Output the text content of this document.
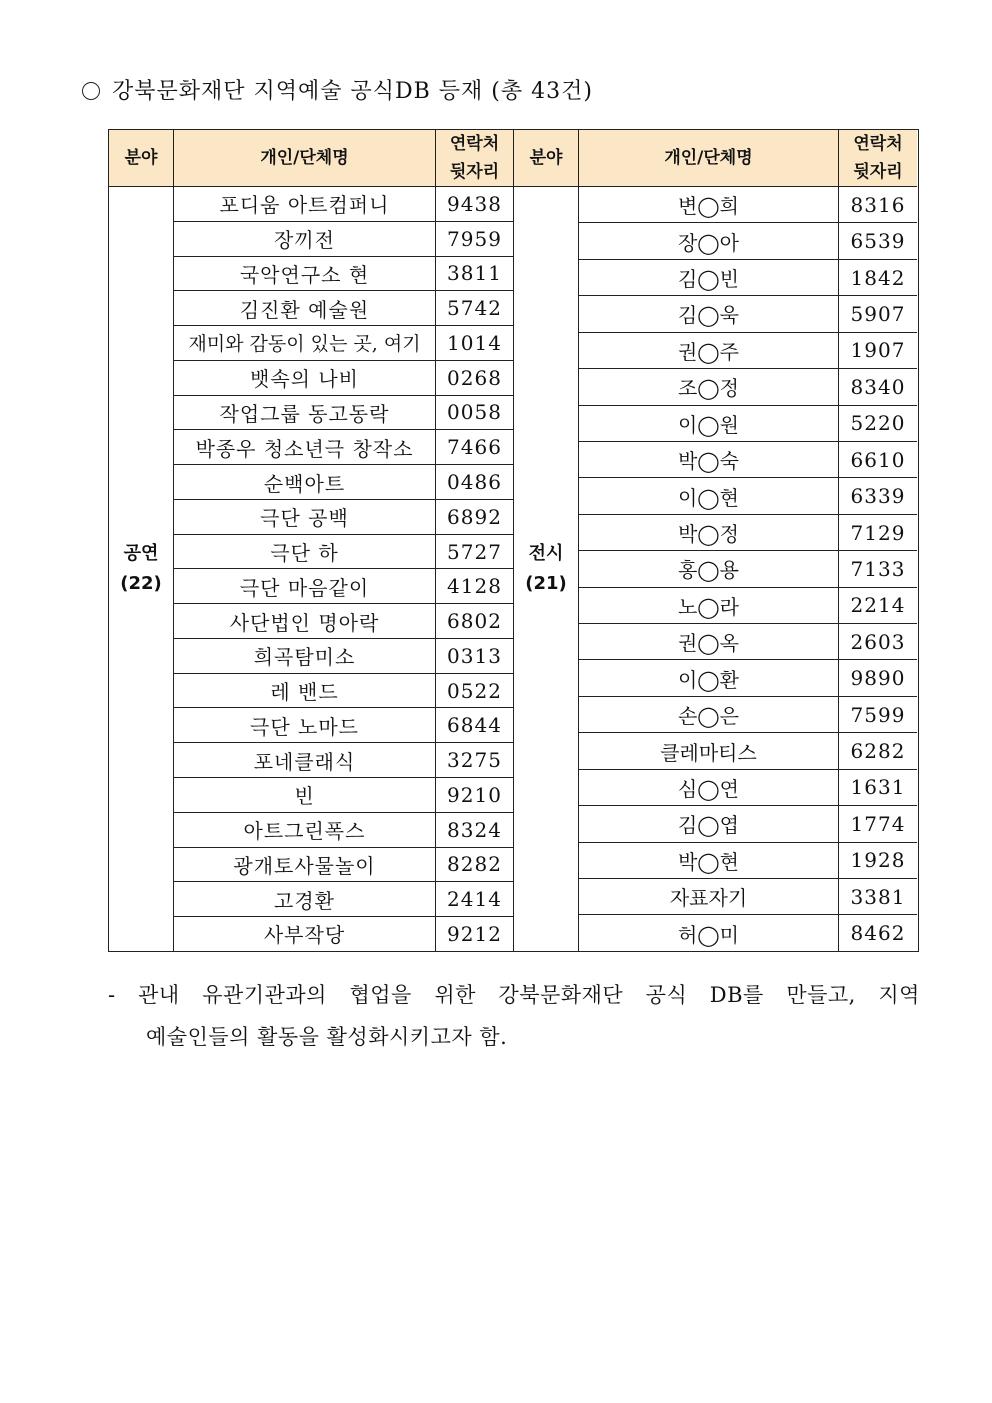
강북문화재단 지역예술 공식DB 등재 (총 43건)
분야	개인/단체명
연락처
뒷자리
공연
(22)
포디움 아트컴퍼니	9438
장끼전	7959
국악연구소 현	3811
김진환 예술원	5742
재미와 감동이 있는 곳, 여기	1014
뱃속의 나비	0268
작업그룹 동고동락	0058
박종우 청소년극 창작소	7466
순백아트	0486
극단 공백	6892
극단 하	5727
극단 마음같이	4128
사단법인 명아락	6802
희곡탐미소	0313
레 밴드	0522
극단 노마드	6844
포네클래식	3275
빈	9210
아트그린폭스	8324
광개토사물놀이	8282
고경환	2414
사부작당	9212
분야	개인/단체명
연락처
뒷자리
전시
(21)
변◯희	8316
장◯아	6539
김◯빈	1842
김◯욱	5907
권◯주	1907
조◯정	8340
이◯원	5220
박◯숙	6610
이◯현	6339
박◯정	7129
홍◯용	7133
노◯라	2214
권◯옥	2603
이◯환	9890
손◯은	7599
클레마티스	6282
심◯연	1631
김◯엽	1774
박◯현	1928
자표자기	3381
허◯미	8462
- 관내 유관기관과의 협업을 위한 강북문화재단 공식 DB를 만들고, 지역
예술인들의 활동을 활성화시키고자 함.
